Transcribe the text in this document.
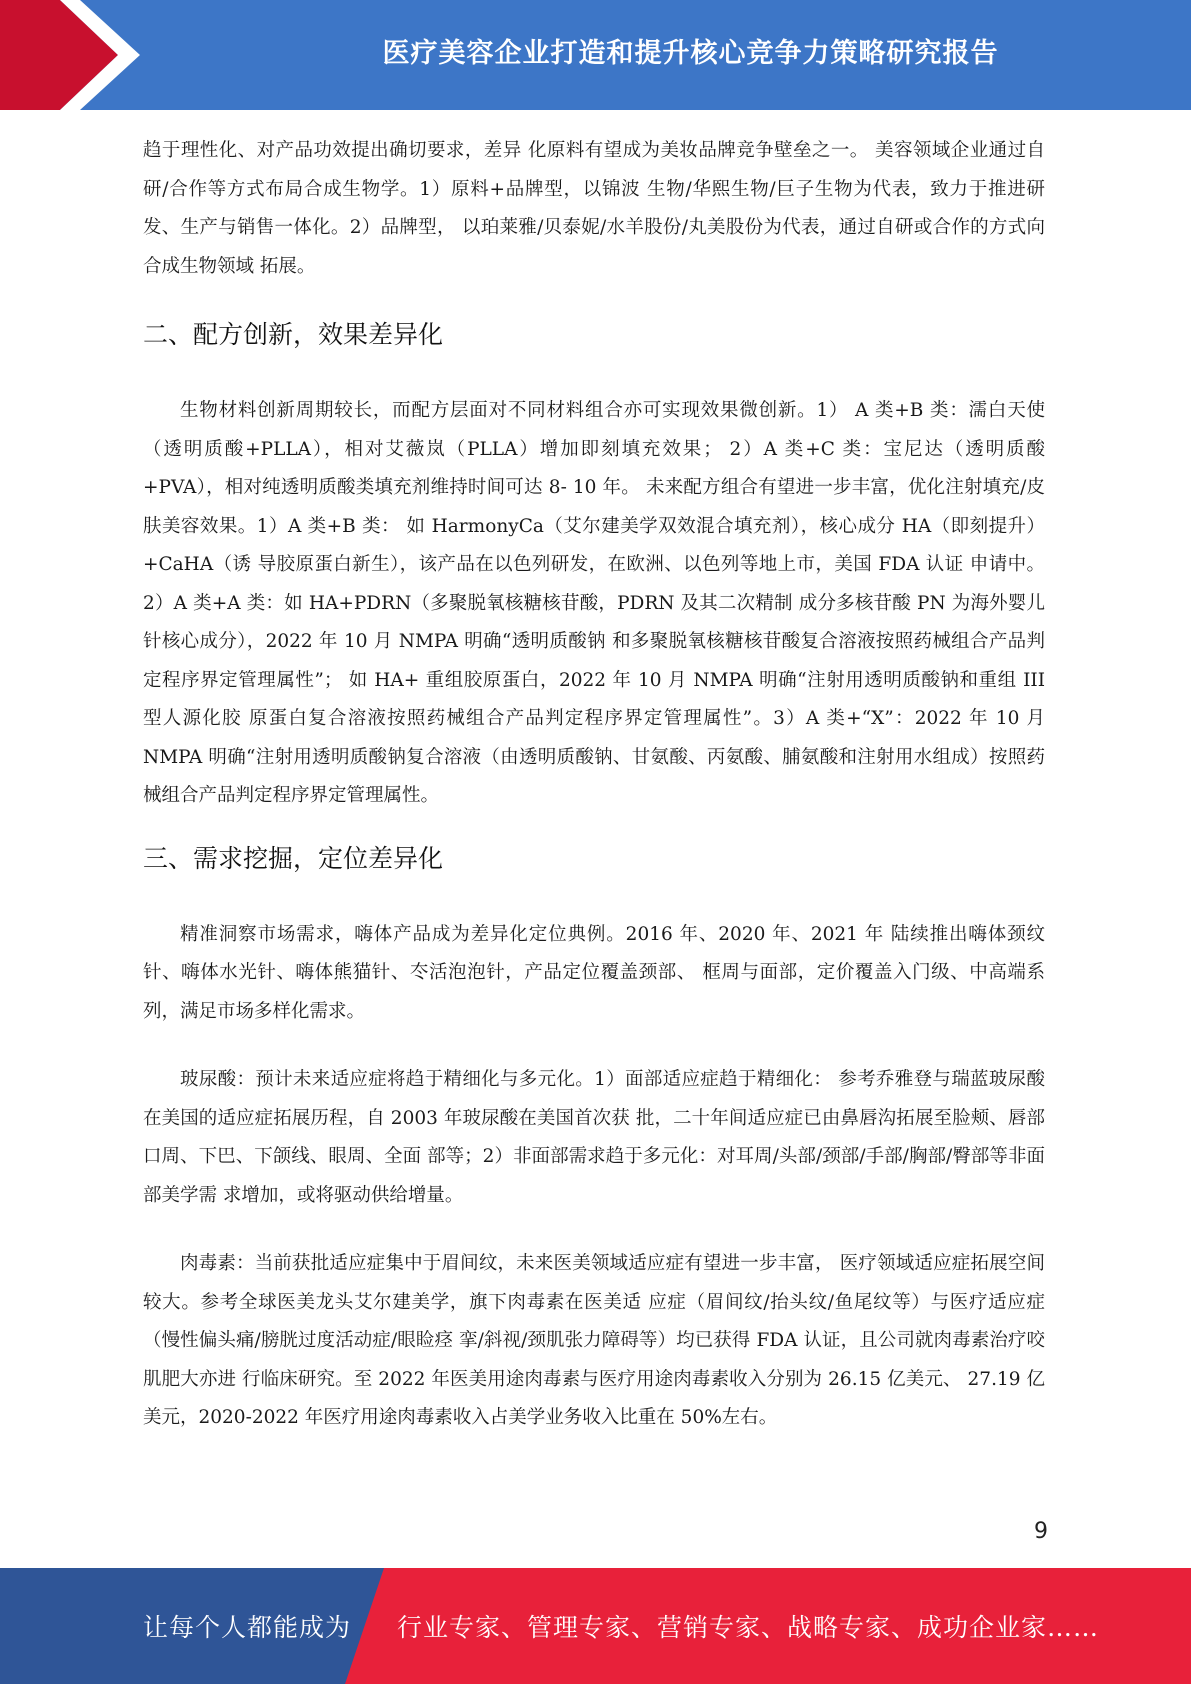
医疗美容企业打造和提升核心竞争力策略研究报告

趋于理性化、对产品功效提出确切要求，差异 化原料有望成为美妆品牌竞争壁垒之一。 美容领域企业通过自研/合作等方式布局合成生物学。1）原料+品牌型，以锦波 生物/华熙生物/巨子生物为代表，致力于推进研发、生产与销售一体化。2）品牌型， 以珀莱雅/贝泰妮/水羊股份/丸美股份为代表，通过自研或合作的方式向合成生物领域 拓展。

二、配方创新，效果差异化

生物材料创新周期较长，而配方层面对不同材料组合亦可实现效果微创新。1） A 类+B 类：濡白天使（透明质酸+PLLA），相对艾薇岚（PLLA）增加即刻填充效果； 2）A 类+C 类：宝尼达（透明质酸+PVA），相对纯透明质酸类填充剂维持时间可达 8- 10 年。 未来配方组合有望进一步丰富，优化注射填充/皮肤美容效果。1）A 类+B 类： 如 HarmonyCa（艾尔建美学双效混合填充剂），核心成分 HA（即刻提升）+CaHA（诱 导胶原蛋白新生），该产品在以色列研发，在欧洲、以色列等地上市，美国 FDA 认证 申请中。2）A 类+A 类：如 HA+PDRN（多聚脱氧核糖核苷酸，PDRN 及其二次精制 成分多核苷酸 PN 为海外婴儿针核心成分），2022 年 10 月 NMPA 明确“透明质酸钠 和多聚脱氧核糖核苷酸复合溶液按照药械组合产品判定程序界定管理属性”； 如 HA+ 重组胶原蛋白，2022 年 10 月 NMPA 明确“注射用透明质酸钠和重组 III 型人源化胶 原蛋白复合溶液按照药械组合产品判定程序界定管理属性”。3）A 类+“X”：2022 年 10 月 NMPA 明确“注射用透明质酸钠复合溶液（由透明质酸钠、甘氨酸、丙氨酸、脯氨酸和注射用水组成）按照药械组合产品判定程序界定管理属性。

三、需求挖掘，定位差异化

精准洞察市场需求，嗨体产品成为差异化定位典例。2016 年、2020 年、2021 年 陆续推出嗨体颈纹针、嗨体水光针、嗨体熊猫针、冭活泡泡针，产品定位覆盖颈部、 框周与面部，定价覆盖入门级、中高端系列，满足市场多样化需求。

玻尿酸：预计未来适应症将趋于精细化与多元化。1）面部适应症趋于精细化： 参考乔雅登与瑞蓝玻尿酸在美国的适应症拓展历程，自 2003 年玻尿酸在美国首次获 批，二十年间适应症已由鼻唇沟拓展至脸颊、唇部口周、下巴、下颌线、眼周、全面 部等；2）非面部需求趋于多元化：对耳周/头部/颈部/手部/胸部/臀部等非面部美学需 求增加，或将驱动供给增量。

肉毒素：当前获批适应症集中于眉间纹，未来医美领域适应症有望进一步丰富， 医疗领域适应症拓展空间较大。参考全球医美龙头艾尔建美学，旗下肉毒素在医美适 应症（眉间纹/抬头纹/鱼尾纹等）与医疗适应症（慢性偏头痛/膀胱过度活动症/眼睑痉 挛/斜视/颈肌张力障碍等）均已获得 FDA 认证，且公司就肉毒素治疗咬肌肥大亦进 行临床研究。至 2022 年医美用途肉毒素与医疗用途肉毒素收入分别为 26.15 亿美元、 27.19 亿美元，2020-2022 年医疗用途肉毒素收入占美学业务收入比重在 50%左右。

9
让每个人都能成为 行业专家、管理专家、营销专家、战略专家、成功企业家……
